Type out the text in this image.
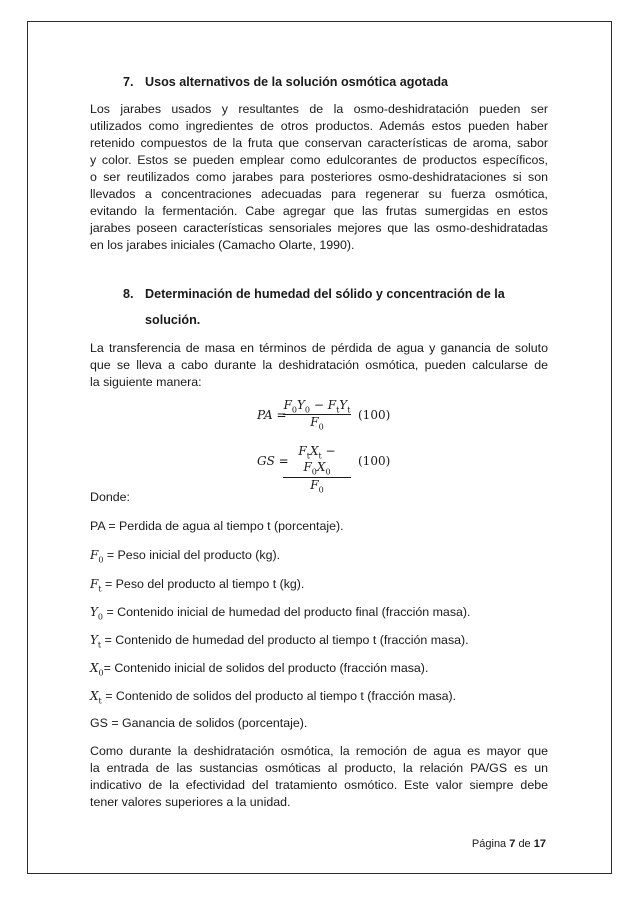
7. Usos alternativos de la solución osmótica agotada
Los jarabes usados y resultantes de la osmo-deshidratación pueden ser
utilizados como ingredientes de otros productos. Además estos pueden haber
retenido compuestos de la fruta que conservan características de aroma, sabor
y color. Estos se pueden emplear como edulcorantes de productos específicos,
o ser reutilizados como jarabes para posteriores osmo-deshidrataciones si son
llevados a concentraciones adecuadas para regenerar su fuerza osmótica,
evitando la fermentación. Cabe agregar que las frutas sumergidas en estos
jarabes poseen características sensoriales mejores que las osmo-deshidratadas
en los jarabes iniciales (Camacho Olarte, 1990).
8. Determinación de humedad del sólido y concentración de la
solución.
La transferencia de masa en términos de pérdida de agua y ganancia de soluto
que se lleva a cabo durante la deshidratación osmótica, pueden calcularse de
la siguiente manera:
PA =
$F_0Y_0 - F_tY_t$
$F_0$
(100)
GS =
$F_tX_t - F_0X_0$
$F_0$
(100)
Donde:
PA = Perdida de agua al tiempo t (porcentaje).
$F_0$ = Peso inicial del producto (kg).
$F_t$ = Peso del producto al tiempo t (kg).
$Y_0$ = Contenido inicial de humedad del producto final (fracción masa).
$Y_t$ = Contenido de humedad del producto al tiempo t (fracción masa).
$X_0=$ Contenido inicial de solidos del producto (fracción masa).
$X_t$ = Contenido de solidos del producto al tiempo t (fracción masa).
GS = Ganancia de solidos (porcentaje).
Como durante la deshidratación osmótica, la remoción de agua es mayor que
la entrada de las sustancias osmóticas al producto, la relación PA/GS es un
indicativo de la efectividad del tratamiento osmótico. Este valor siempre debe
tener valores superiores a la unidad.
Página 7 de 17
